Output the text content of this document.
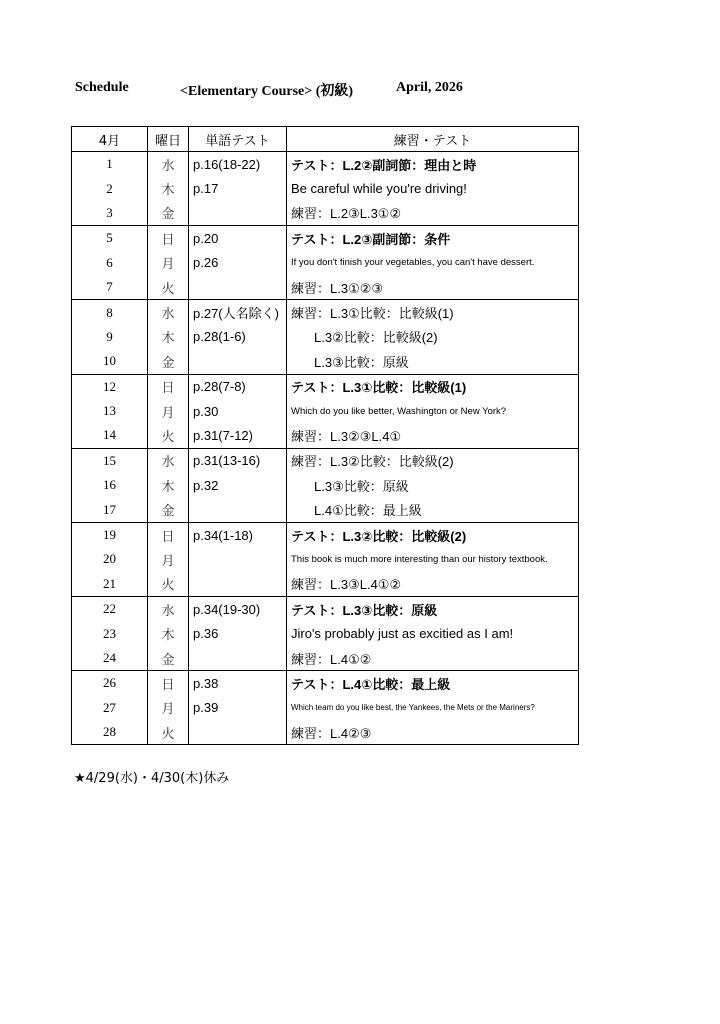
Schedule	<Elementary Course> (初級)	April, 2026
4月	曜日	単語テスト	練習・テスト
1	水	p.16(18-22)	テスト：L.2②副詞節：理由と時
2	木	p.17	Be careful while you're driving!
3	金		練習：L.2③L.3①②
5	日	p.20	テスト：L.2③副詞節：条件
6	月	p.26	If you don't finish your vegetables, you can't have dessert.
7	火		練習：L.3①②③
8	水	p.27(人名除く)	練習：L.3①比較：比較級(1)
9	木	p.28(1-6)	L.3②比較：比較級(2)
10	金		L.3③比較：原級
12	日	p.28(7-8)	テスト：L.3①比較：比較級(1)
13	月	p.30	Which do you like better, Washington or New York?
14	火	p.31(7-12)	練習：L.3②③L.4①
15	水	p.31(13-16)	練習：L.3②比較：比較級(2)
16	木	p.32	L.3③比較：原級
17	金		L.4①比較：最上級
19	日	p.34(1-18)	テスト：L.3②比較：比較級(2)
20	月		This book is much more interesting than our history textbook.
21	火		練習：L.3③L.4①②
22	水	p.34(19-30)	テスト：L.3③比較：原級
23	木	p.36	Jiro's probably just as excitied as I am!
24	金		練習：L.4①②
26	日	p.38	テスト：L.4①比較：最上級
27	月	p.39	Which team do you like best, the Yankees, the Mets or the Mariners?
28	火		練習：L.4②③
★4/29(水)・4/30(木)休み
